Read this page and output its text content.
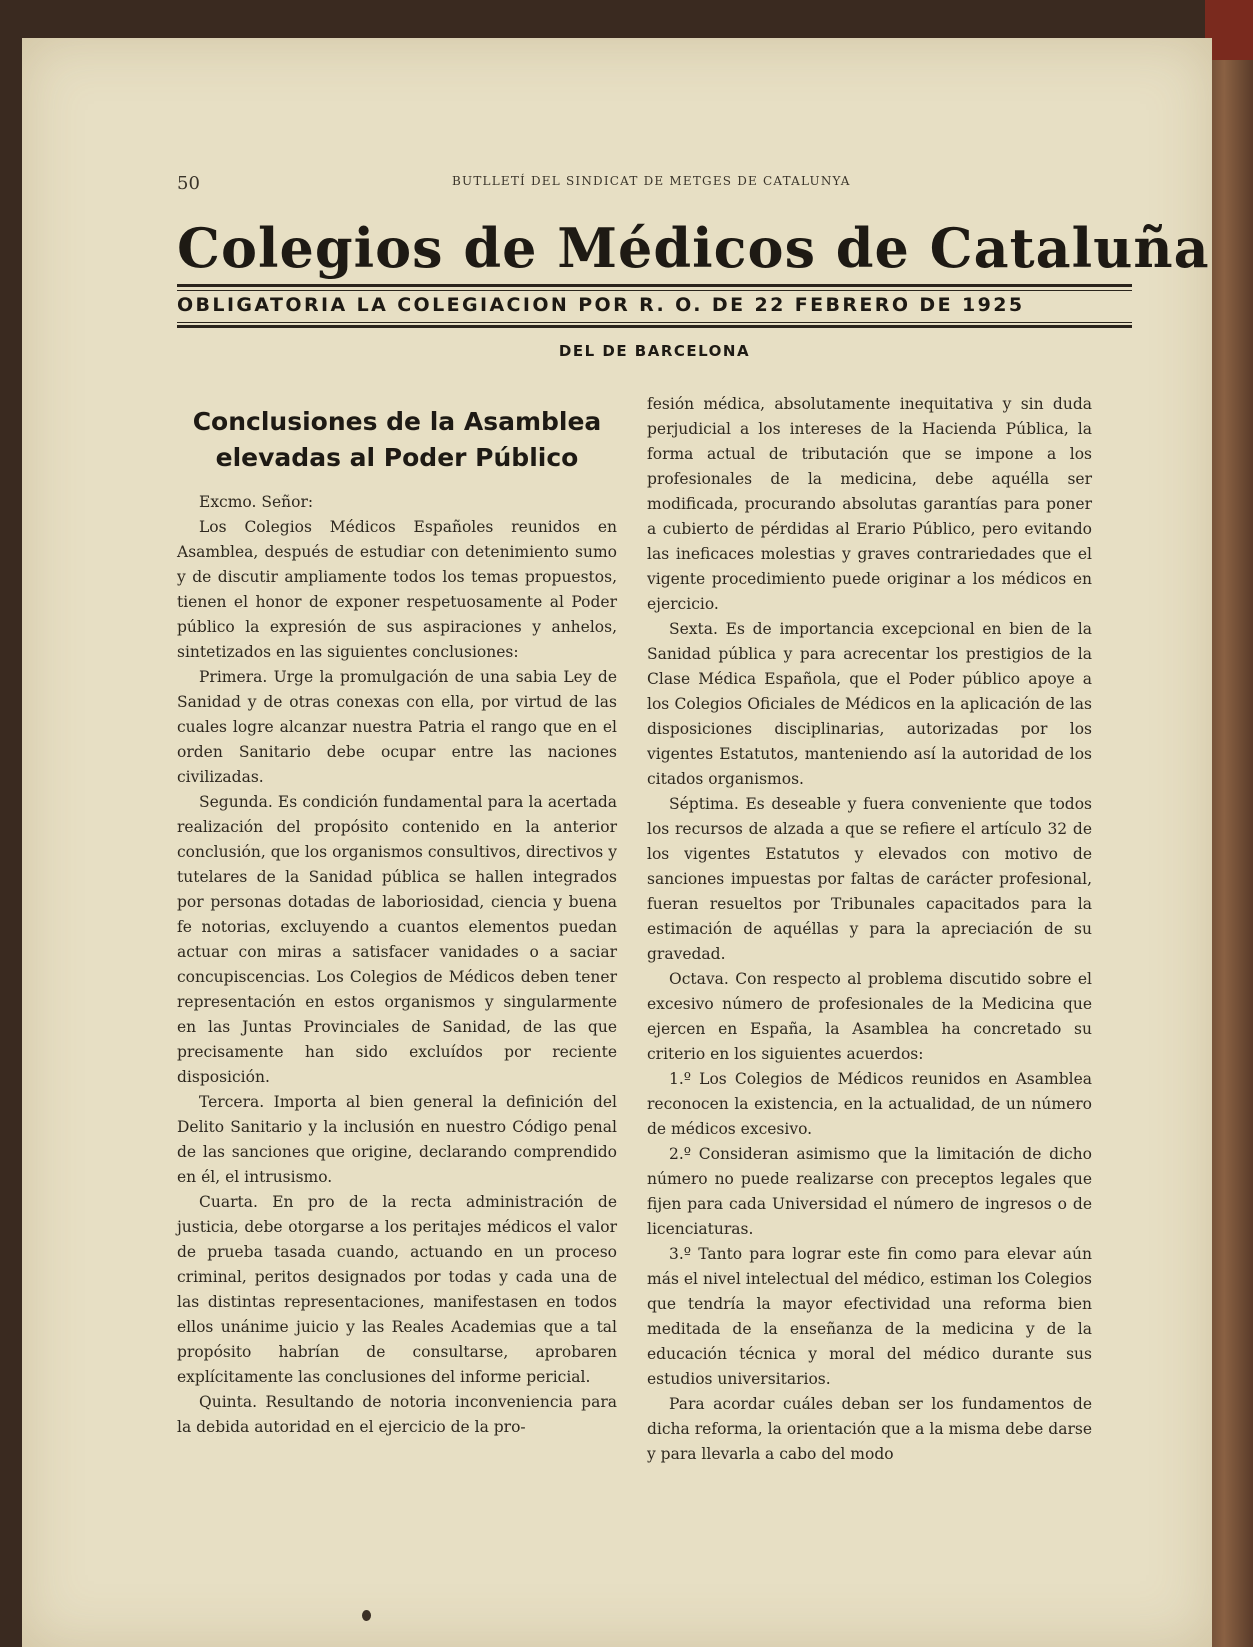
50	BUTLLETÍ DEL SINDICAT DE METGES DE CATALUNYA
Colegios de Médicos de Cataluña
OBLIGATORIA LA COLEGIACION POR R. O. DE 22 FEBRERO DE 1925
DEL DE BARCELONA
Conclusiones de la Asamblea elevadas al Poder Público

Excmo. Señor:

Los Colegios Médicos Españoles reunidos en Asamblea, después de estudiar con detenimiento sumo y de discutir ampliamente todos los temas propuestos, tienen el honor de exponer respetuosamente al Poder público la expresión de sus aspiraciones y anhelos, sintetizados en las siguientes conclusiones:

Primera. Urge la promulgación de una sabia Ley de Sanidad y de otras conexas con ella, por virtud de las cuales logre alcanzar nuestra Patria el rango que en el orden Sanitario debe ocupar entre las naciones civilizadas.

Segunda. Es condición fundamental para la acertada realización del propósito contenido en la anterior conclusión, que los organismos consultivos, directivos y tutelares de la Sanidad pública se hallen integrados por personas dotadas de laboriosidad, ciencia y buena fe notorias, excluyendo a cuantos elementos puedan actuar con miras a satisfacer vanidades o a saciar concupiscencias. Los Colegios de Médicos deben tener representación en estos organismos y singularmente en las Juntas Provinciales de Sanidad, de las que precisamente han sido excluídos por reciente disposición.

Tercera. Importa al bien general la definición del Delito Sanitario y la inclusión en nuestro Código penal de las sanciones que origine, declarando comprendido en él, el intrusismo.

Cuarta. En pro de la recta administración de justicia, debe otorgarse a los peritajes médicos el valor de prueba tasada cuando, actuando en un proceso criminal, peritos designados por todas y cada una de las distintas representaciones, manifestasen en todos ellos unánime juicio y las Reales Academias que a tal propósito habrían de consultarse, aprobaren explícitamente las conclusiones del informe pericial.

Quinta. Resultando de notoria inconveniencia para la debida autoridad en el ejercicio de la pro-

fesión médica, absolutamente inequitativa y sin duda perjudicial a los intereses de la Hacienda Pública, la forma actual de tributación que se impone a los profesionales de la medicina, debe aquélla ser modificada, procurando absolutas garantías para poner a cubierto de pérdidas al Erario Público, pero evitando las ineficaces molestias y graves contrariedades que el vigente procedimiento puede originar a los médicos en ejercicio.

Sexta. Es de importancia excepcional en bien de la Sanidad pública y para acrecentar los prestigios de la Clase Médica Española, que el Poder público apoye a los Colegios Oficiales de Médicos en la aplicación de las disposiciones disciplinarias, autorizadas por los vigentes Estatutos, manteniendo así la autoridad de los citados organismos.

Séptima. Es deseable y fuera conveniente que todos los recursos de alzada a que se refiere el artículo 32 de los vigentes Estatutos y elevados con motivo de sanciones impuestas por faltas de carácter profesional, fueran resueltos por Tribunales capacitados para la estimación de aquéllas y para la apreciación de su gravedad.

Octava. Con respecto al problema discutido sobre el excesivo número de profesionales de la Medicina que ejercen en España, la Asamblea ha concretado su criterio en los siguientes acuerdos:

1.º Los Colegios de Médicos reunidos en Asamblea reconocen la existencia, en la actualidad, de un número de médicos excesivo.

2.º Consideran asimismo que la limitación de dicho número no puede realizarse con preceptos legales que fijen para cada Universidad el número de ingresos o de licenciaturas.

3.º Tanto para lograr este fin como para elevar aún más el nivel intelectual del médico, estiman los Colegios que tendría la mayor efectividad una reforma bien meditada de la enseñanza de la medicina y de la educación técnica y moral del médico durante sus estudios universitarios.

Para acordar cuáles deban ser los fundamentos de dicha reforma, la orientación que a la misma debe darse y para llevarla a cabo del modo
